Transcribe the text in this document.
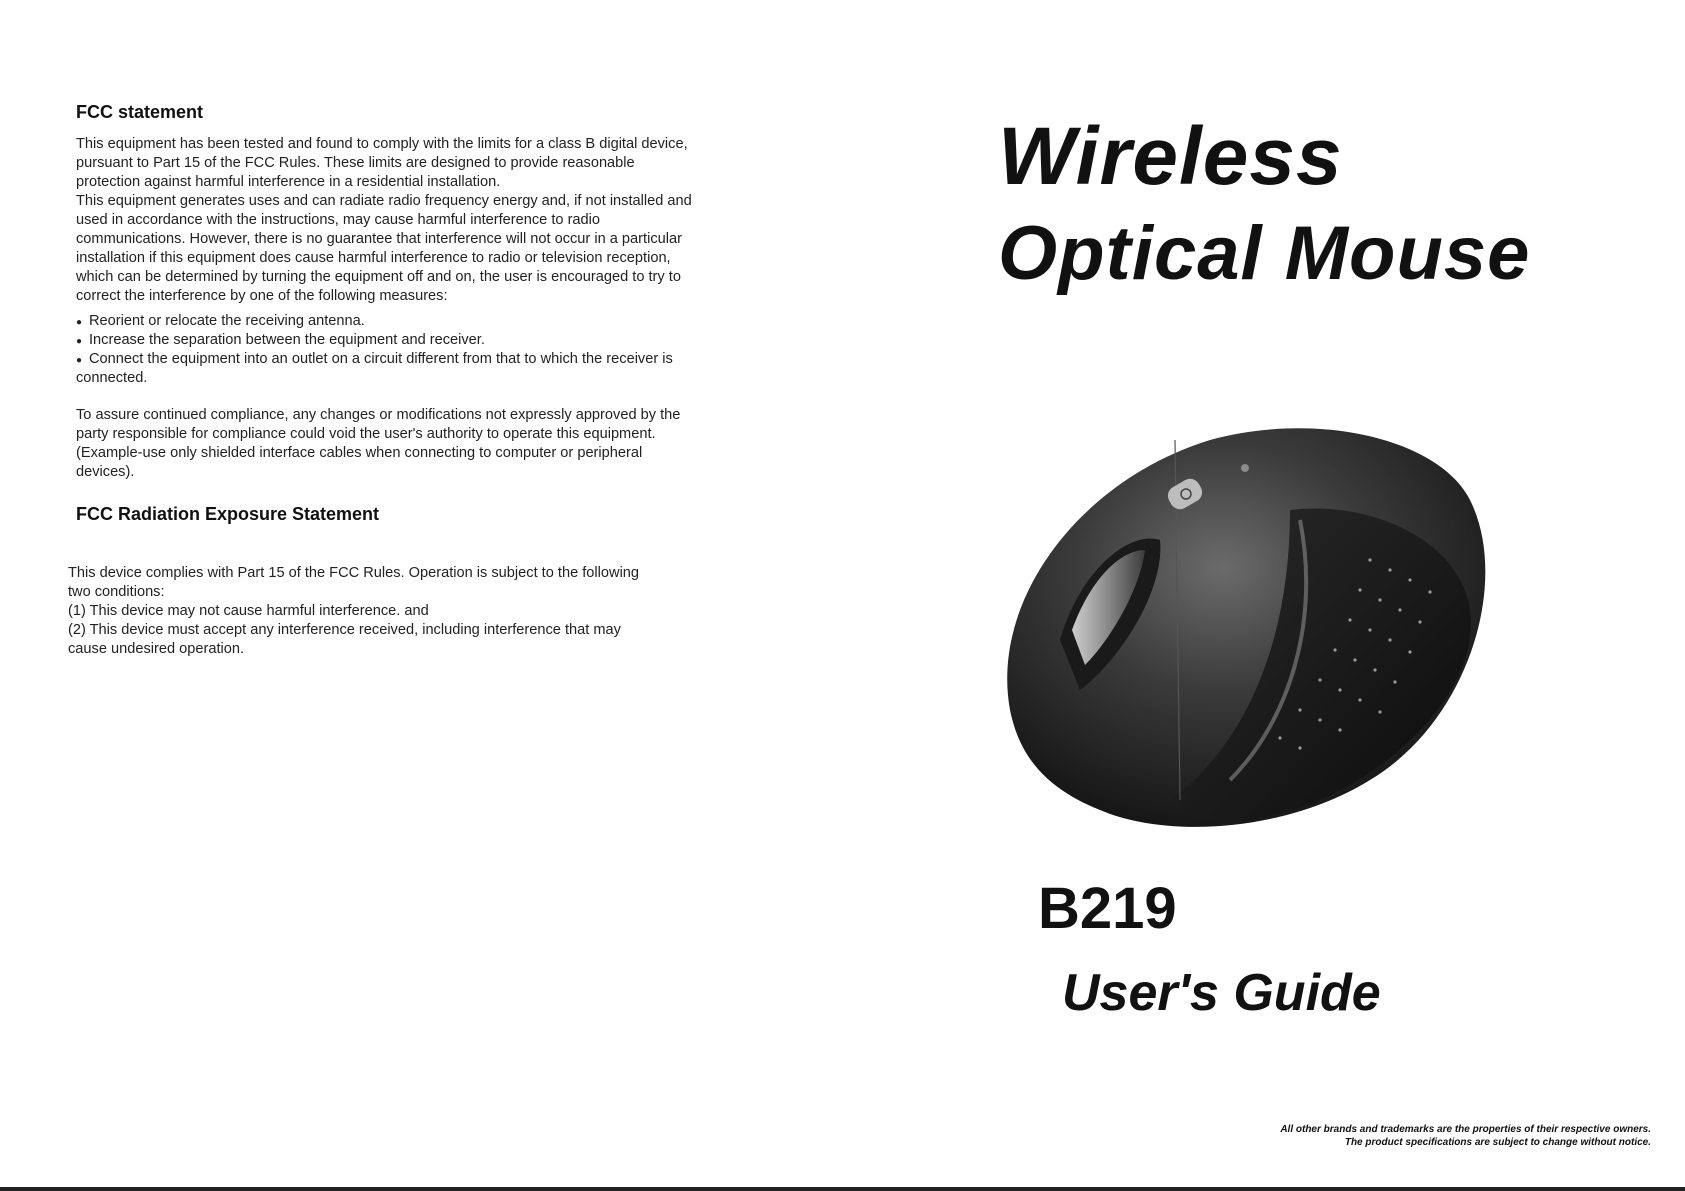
FCC statement

This equipment has been tested and found to comply with the limits for a class B digital device,
pursuant to Part 15 of the FCC Rules. These limits are designed to provide reasonable
protection against harmful interference in a residential installation.
This equipment generates uses and can radiate radio frequency energy and, if not installed and
used in accordance with the instructions, may cause harmful interference to radio
communications. However, there is no guarantee that interference will not occur in a particular
installation if this equipment does cause harmful interference to radio or television reception,
which can be determined by turning the equipment off and on, the user is encouraged to try to
correct the interference by one of the following measures:

● Reorient or relocate the receiving antenna.
● Increase the separation between the equipment and receiver.
● Connect the equipment into an outlet on a circuit different from that to which the receiver is

connected.

To assure continued compliance, any changes or modifications not expressly approved by the
party responsible for compliance could void the user's authority to operate this equipment.
(Example-use only shielded interface cables when connecting to computer or peripheral
devices).

FCC Radiation Exposure Statement

This device complies with Part 15 of the FCC Rules. Operation is subject to the following
two conditions:
(1) This device may not cause harmful interference. and
(2) This device must accept any interference received, including interference that may
cause undesired operation.

Wireless
Optical Mouse
B219
User's Guide
All other brands and trademarks are the properties of their respective owners.
The product specifications are subject to change without notice.
